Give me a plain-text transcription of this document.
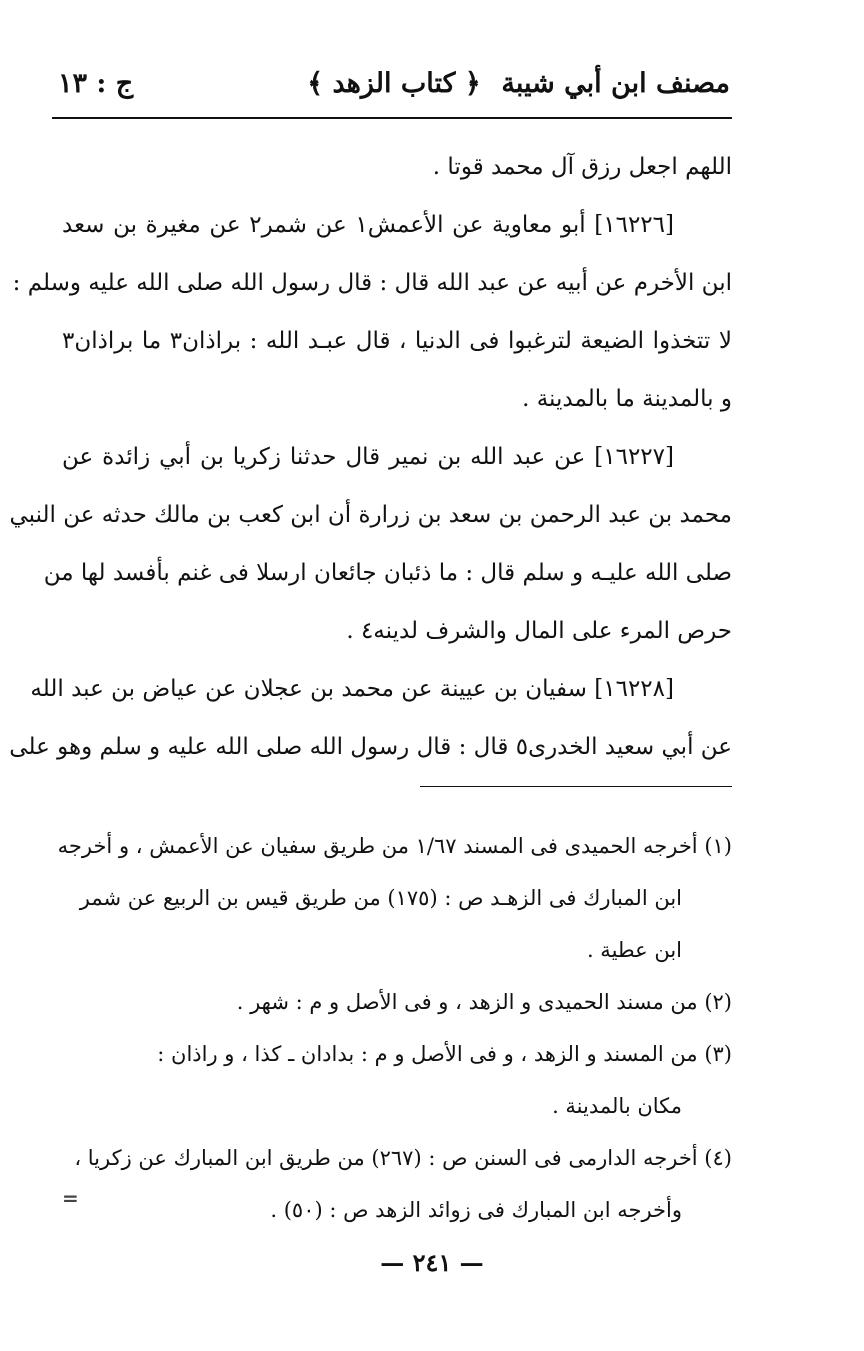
مصنف ابن أبي شيبة
﴿ كتاب الزهد ﴾
ج : ١٣
اللهم اجعل رزق آل محمد قوتا .
[١٦٢٢٦] أبو معاوية عن الأعمش١ عن شمر٢ عن مغيرة بن سعد
ابن الأخرم عن أبيه عن عبد الله قال : قال رسول الله صلى الله عليه وسلم :
لا تتخذوا الضيعة لترغبوا فى الدنيا ، قال عبـد الله : براذان٣ ما براذان٣
و بالمدينة ما بالمدينة .
[١٦٢٢٧] عن عبد الله بن نمير قال حدثنا زكريا بن أبي زائدة عن
محمد بن عبد الرحمن بن سعد بن زرارة أن ابن كعب بن مالك حدثه عن النبي
صلى الله عليـه و سلم قال : ما ذئبان جائعان ارسلا فى غنم بأفسد لها من
حرص المرء على المال والشرف لدينه٤ .
[١٦٢٢٨] سفيان بن عيينة عن محمد بن عجلان عن عياض بن عبد الله
عن أبي سعيد الخدرى٥ قال : قال رسول الله صلى الله عليه و سلم وهو على
(١) أخرجه الحميدى فى المسند ١/٦٧ من طريق سفيان عن الأعمش ، و أخرجه
ابن المبارك فى الزهـد ص : (١٧٥) من طريق قيس بن الربيع عن شمر
ابن عطية .
(٢) من مسند الحميدى و الزهد ، و فى الأصل و م : شهر .
(٣) من المسند و الزهد ، و فى الأصل و م : بدادان ـ كذا ، و راذان :
مكان بالمدينة .
(٤) أخرجه الدارمى فى السنن ص : (٢٦٧) من طريق ابن المبارك عن زكريا ،
وأخرجه ابن المبارك فى زوائد الزهد ص : (٥٠) .
=
— ٢٤١ —
